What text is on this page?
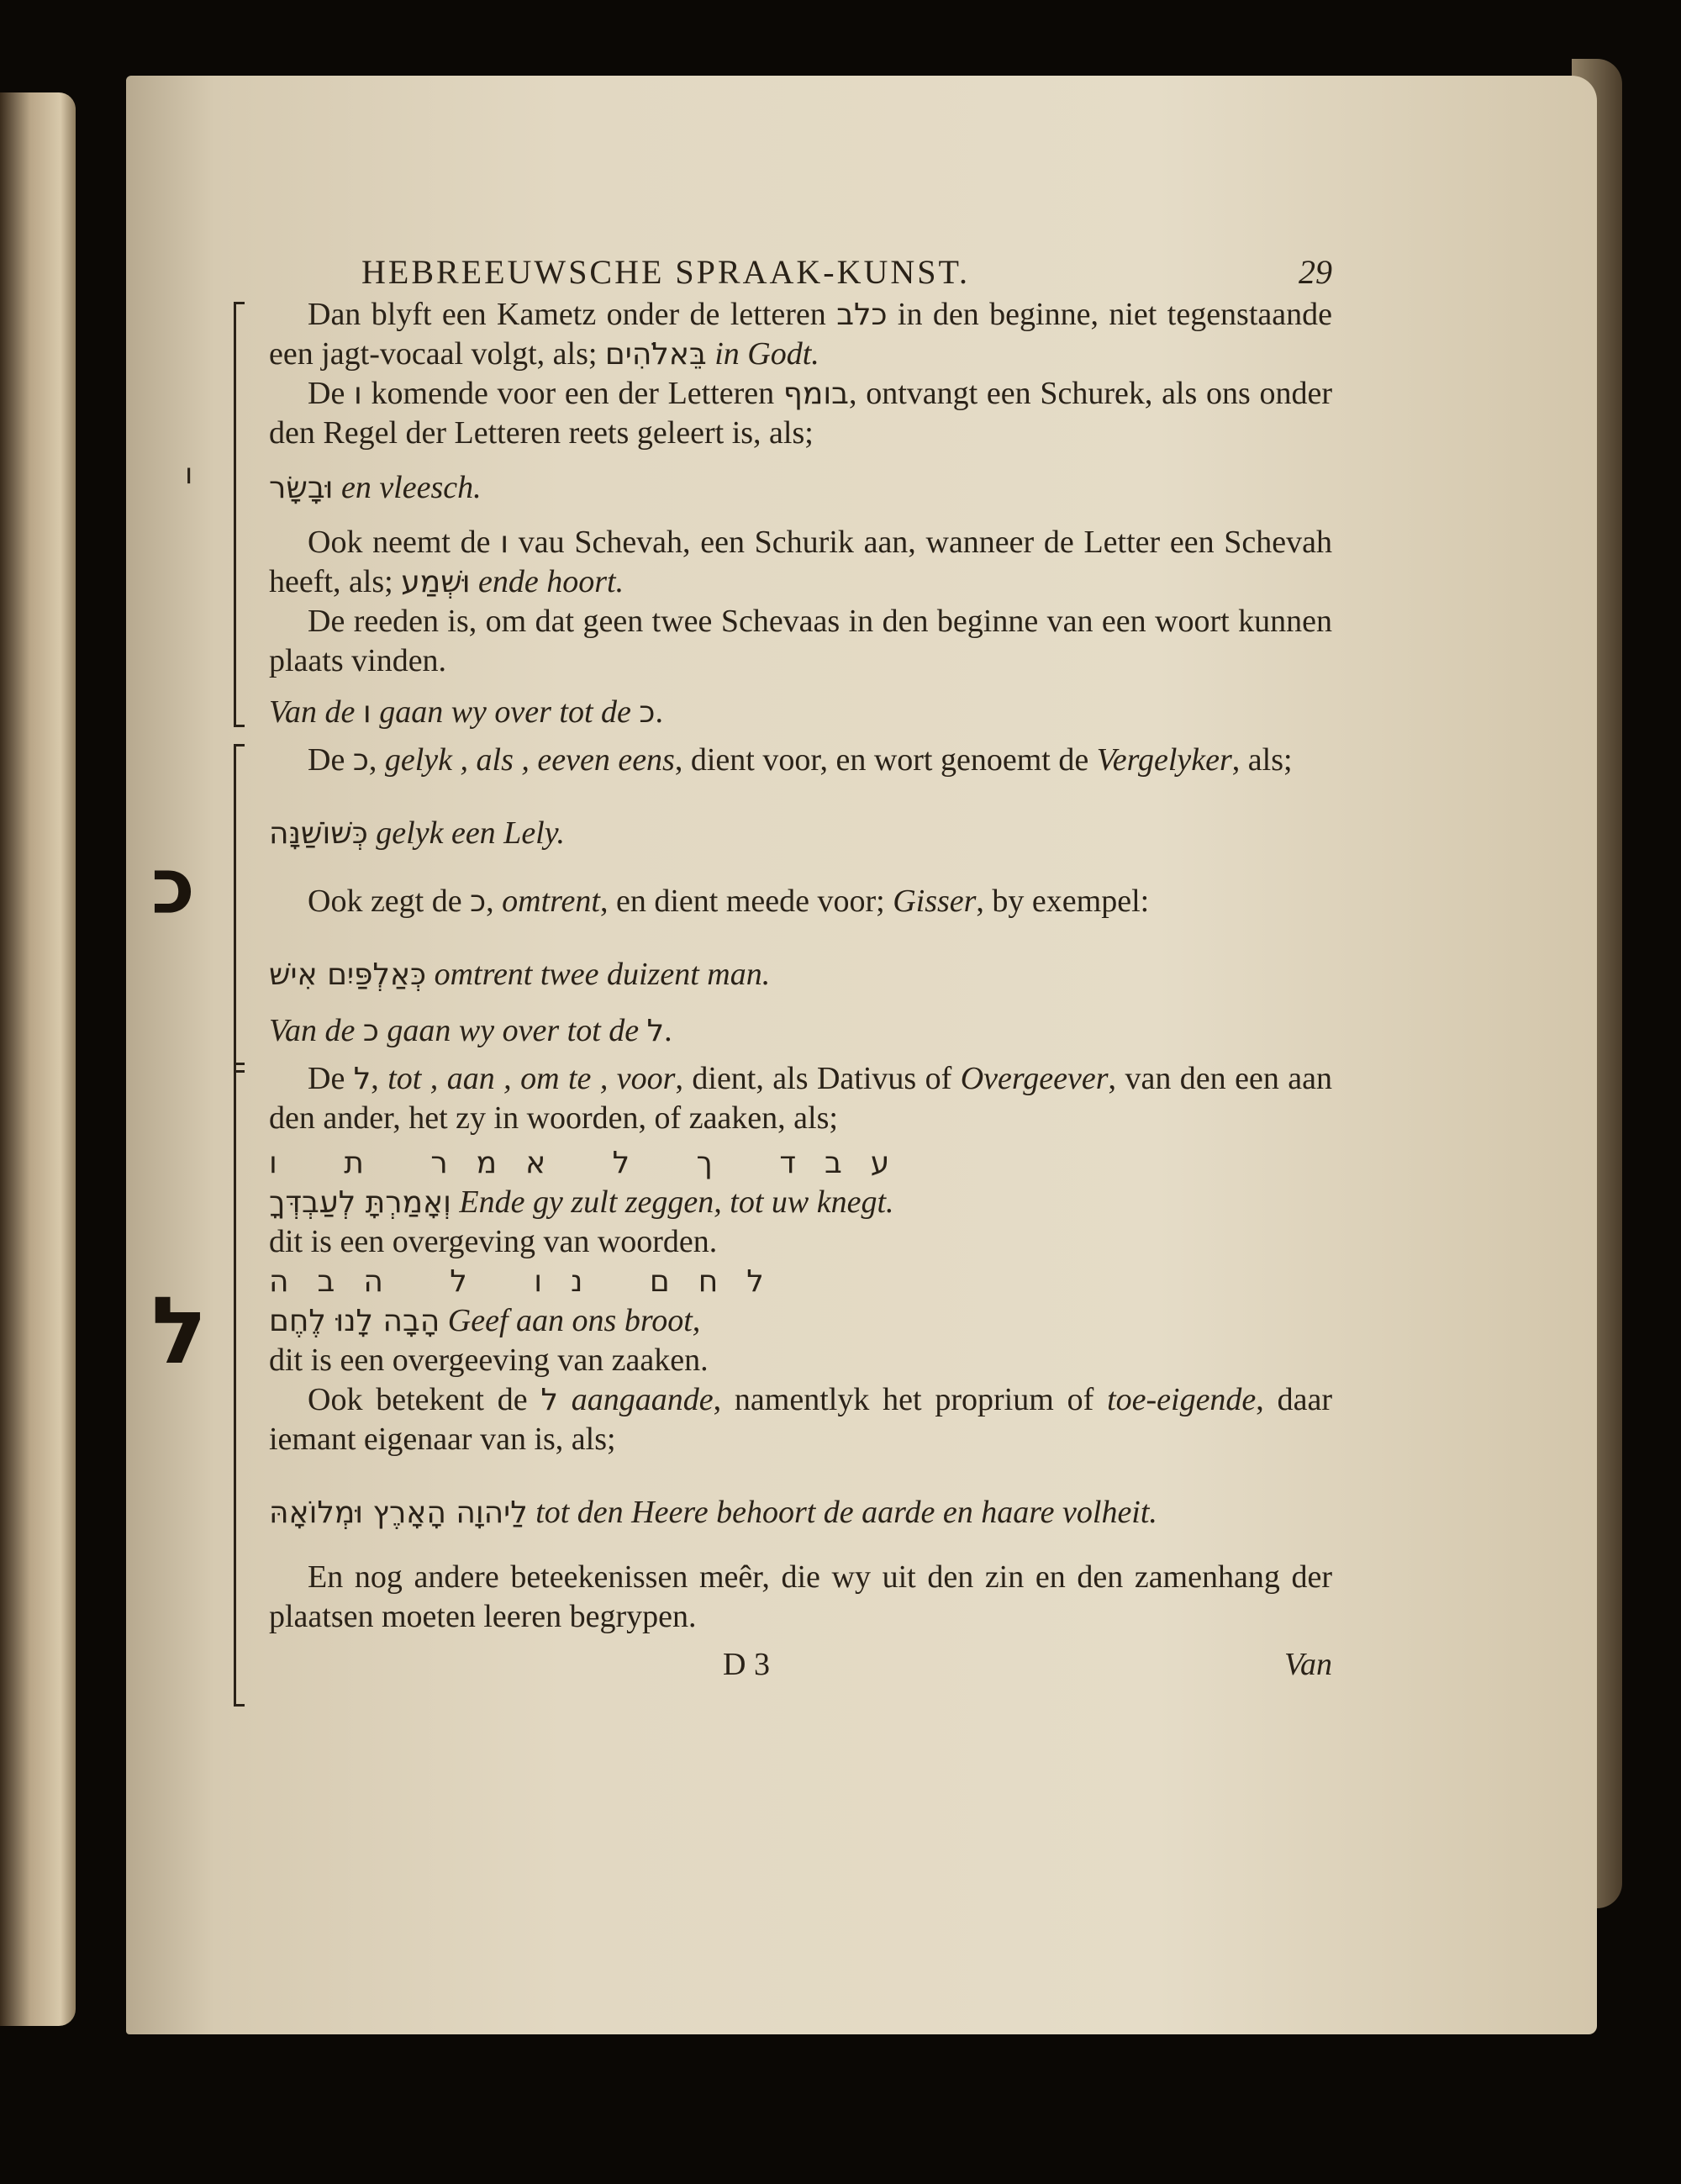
HEBREEUWSCHE SPRAAK-KUNST.	29
ו

Dan blyft een Kametz onder de letteren כלב in den beginne, niet tegenstaande een jagt-vocaal volgt, als; בֵּאלֹהִים in Godt.

De ו komende voor een der Letteren בומף, ontvangt een Schurek, als ons onder den Regel der Letteren reets geleert is, als;

וּבָשָׂר en vleesch.

Ook neemt de ו vau Schevah, een Schurik aan, wanneer de Letter een Schevah heeft, als; וּשְׁמַע ende hoort.

De reeden is, om dat geen twee Schevaas in den beginne van een woort kunnen plaats vinden.

Van de ו gaan wy over tot de כ.

כ

De כ, gelyk , als , eeven eens, dient voor, en wort genoemt de Vergelyker, als;

כְּשׁוֹשַׁנָּה gelyk een Lely.

Ook zegt de כ, omtrent, en dient meede voor; Gisser, by exempel:

כְּאַלְפַּיִם אִישׁ omtrent twee duizent man.

Van de כ gaan wy over tot de ל.

ל

De ל, tot , aan , om te , voor, dient, als Dativus of Overgeever, van den een aan den ander, het zy in woorden, of zaaken, als;

עבד ך ל אמר ת ו

וְאָמַרְתָּ לְעַבְדְּךָ Ende gy zult zeggen, tot uw knegt.

dit is een overgeving van woorden.

לחם נו ל הבה

הָבָה לָנוּ לֶחֶם Geef aan ons broot,

dit is een overgeeving van zaaken.

Ook betekent de ל aangaande, namentlyk het proprium of toe-eigende, daar iemant eigenaar van is, als;

לַיהוָה הָאָרֶץ וּמְלוֹאָהּ tot den Heere behoort de aarde en haare volheit.

En nog andere beteekenissen meêr, die wy uit den zin en den zamenhang der plaatsen moeten leeren begrypen.

D 3	Van
